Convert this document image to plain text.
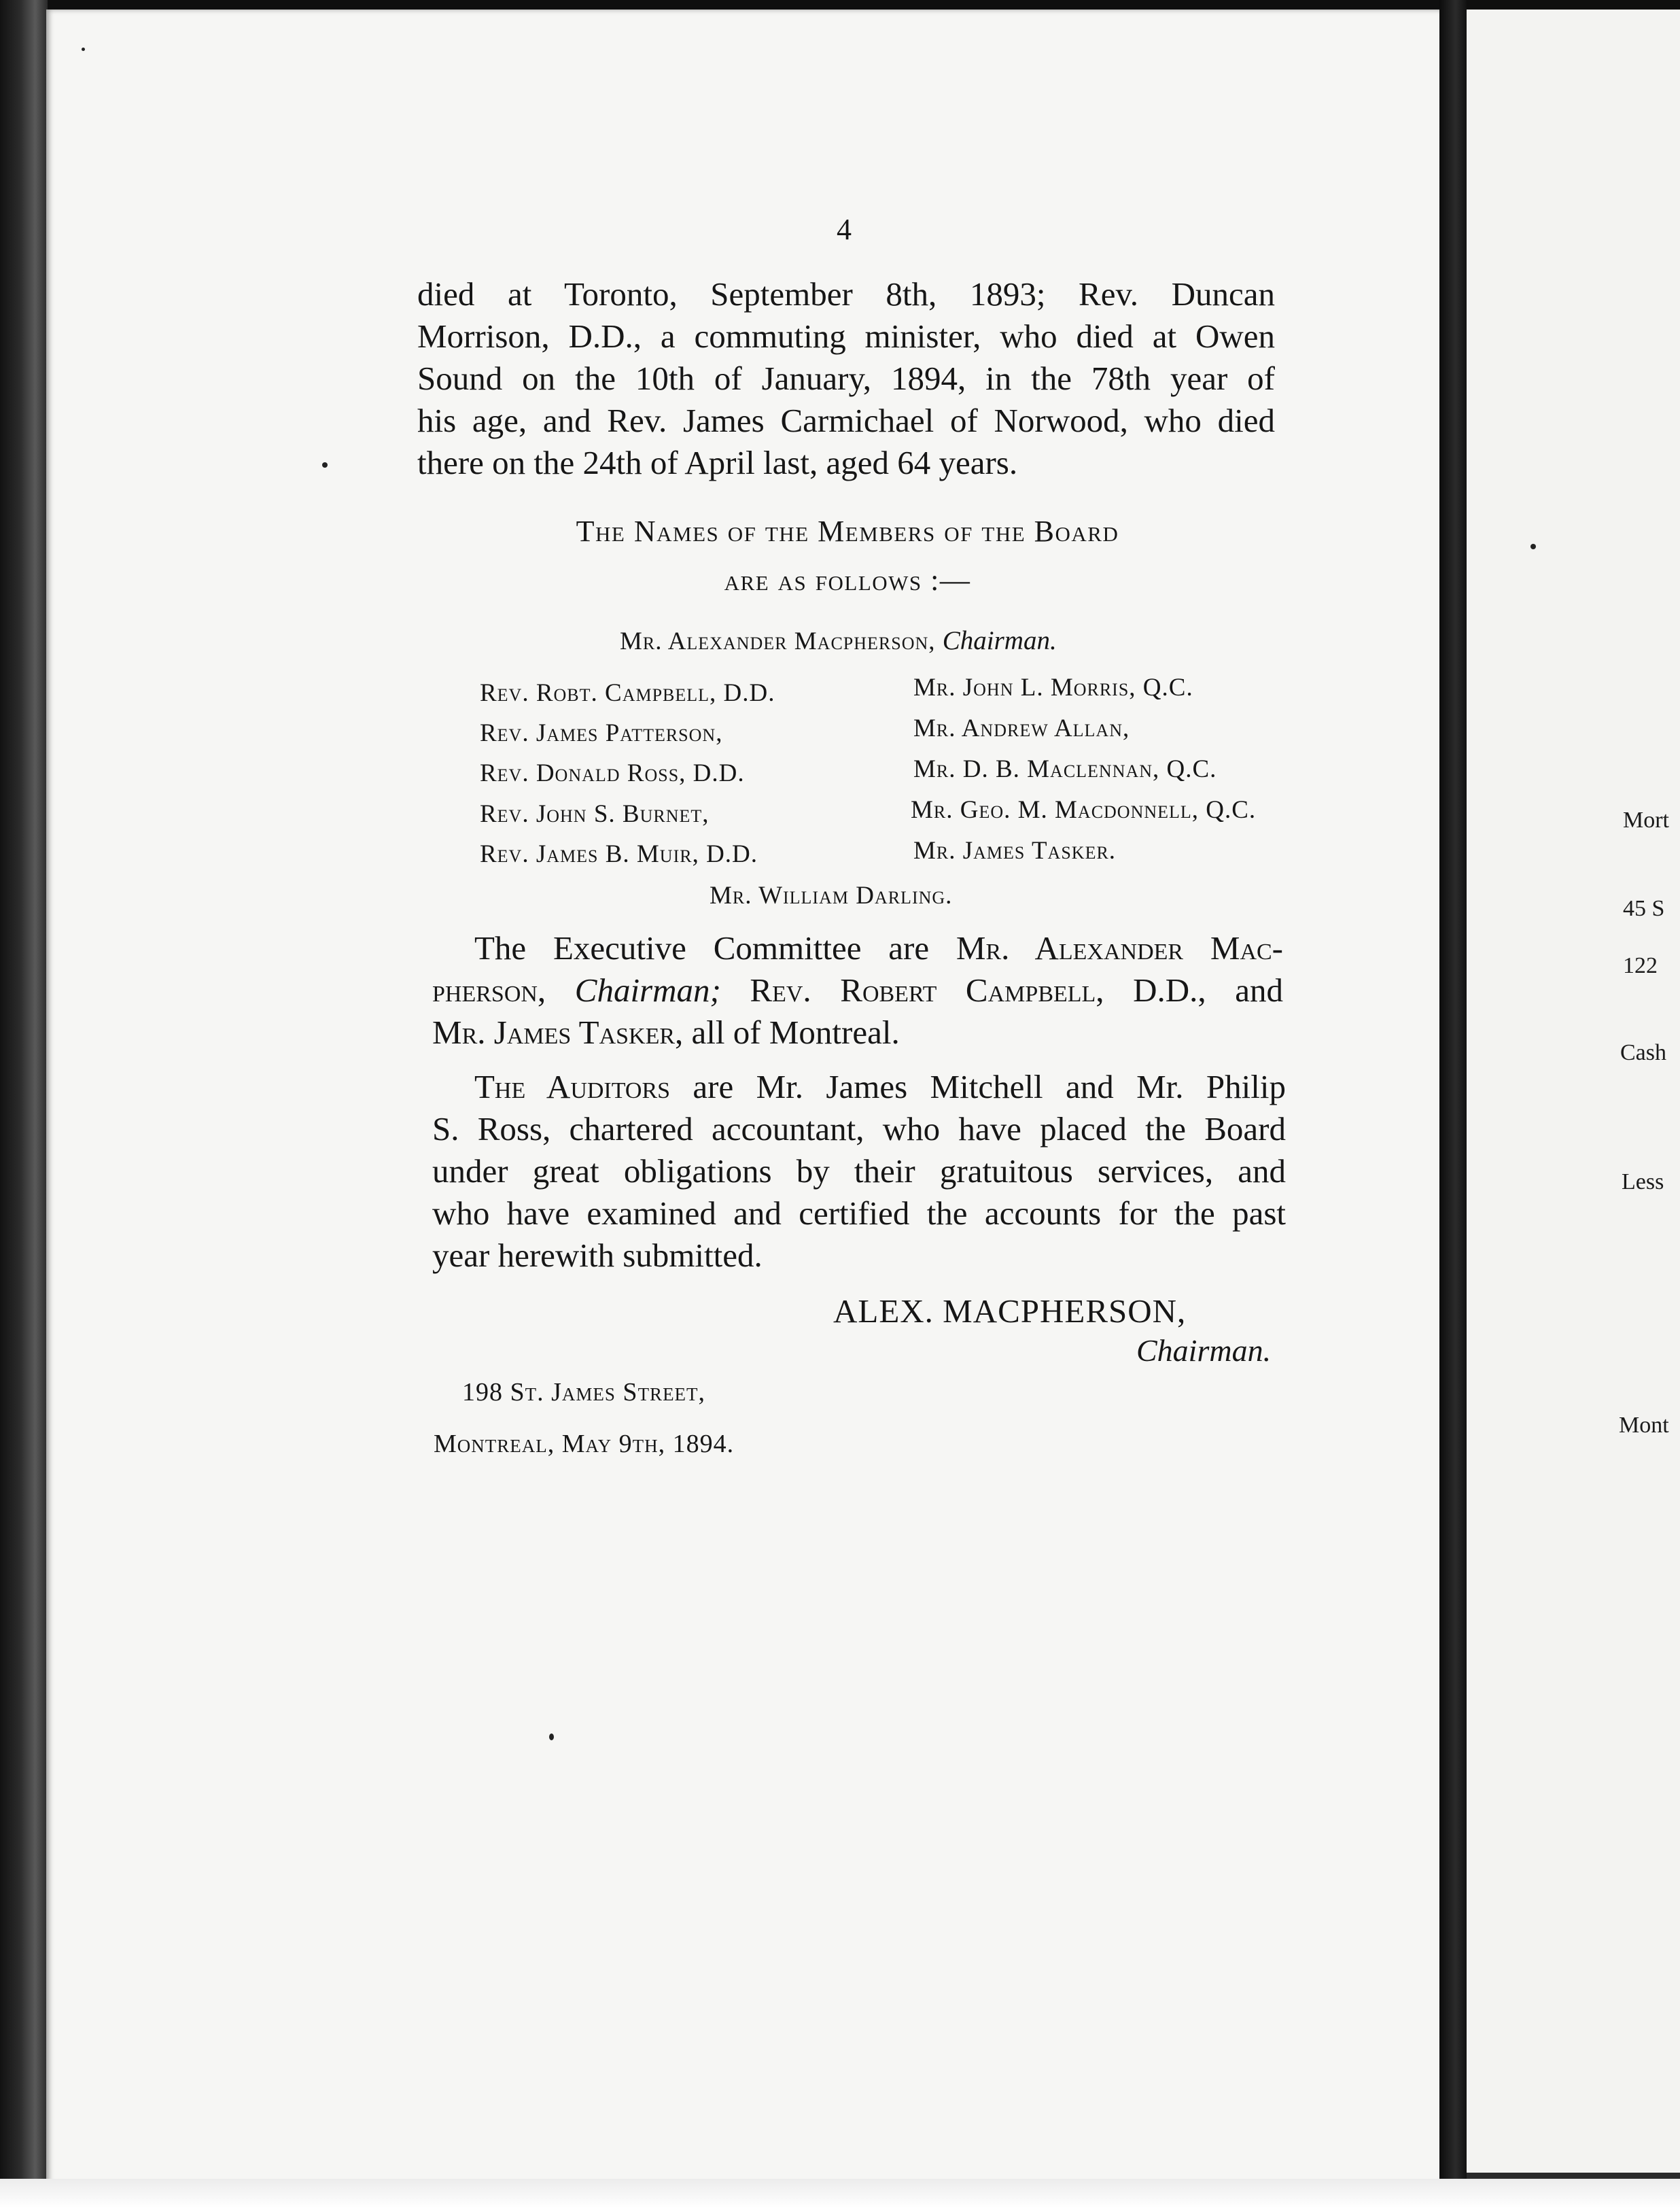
4
died at Toronto, September 8th, 1893; Rev. Duncan
Morrison, D.D., a commuting minister, who died at Owen
Sound on the 10th of January, 1894, in the 78th year of
his age, and Rev. James Carmichael of Norwood, who died
there on the 24th of April last, aged 64 years.
The Names of the Members of the Board
are as follows :—
Mr. Alexander Macpherson, Chairman.
Rev. Robt. Campbell, D.D.
Rev. James Patterson,
Rev. Donald Ross, D.D.
Rev. John S. Burnet,
Rev. James B. Muir, D.D.
Mr. John L. Morris, Q.C.
Mr. Andrew Allan,
Mr. D. B. Maclennan, Q.C.
Mr. Geo. M. Macdonnell, Q.C.
Mr. James Tasker.
Mr. William Darling.
The Executive Committee are Mr. Alexander Mac-
pherson, Chairman; Rev. Robert Campbell, D.D., and
Mr. James Tasker, all of Montreal.
The Auditors are Mr. James Mitchell and Mr. Philip
S. Ross, chartered accountant, who have placed the Board
under great obligations by their gratuitous services, and
who have examined and certified the accounts for the past
year herewith submitted.
ALEX. MACPHERSON,
Chairman.
198 St. James Street,
Montreal, May 9th, 1894.
Mort
45 S
122
Cash
Less
Mont
